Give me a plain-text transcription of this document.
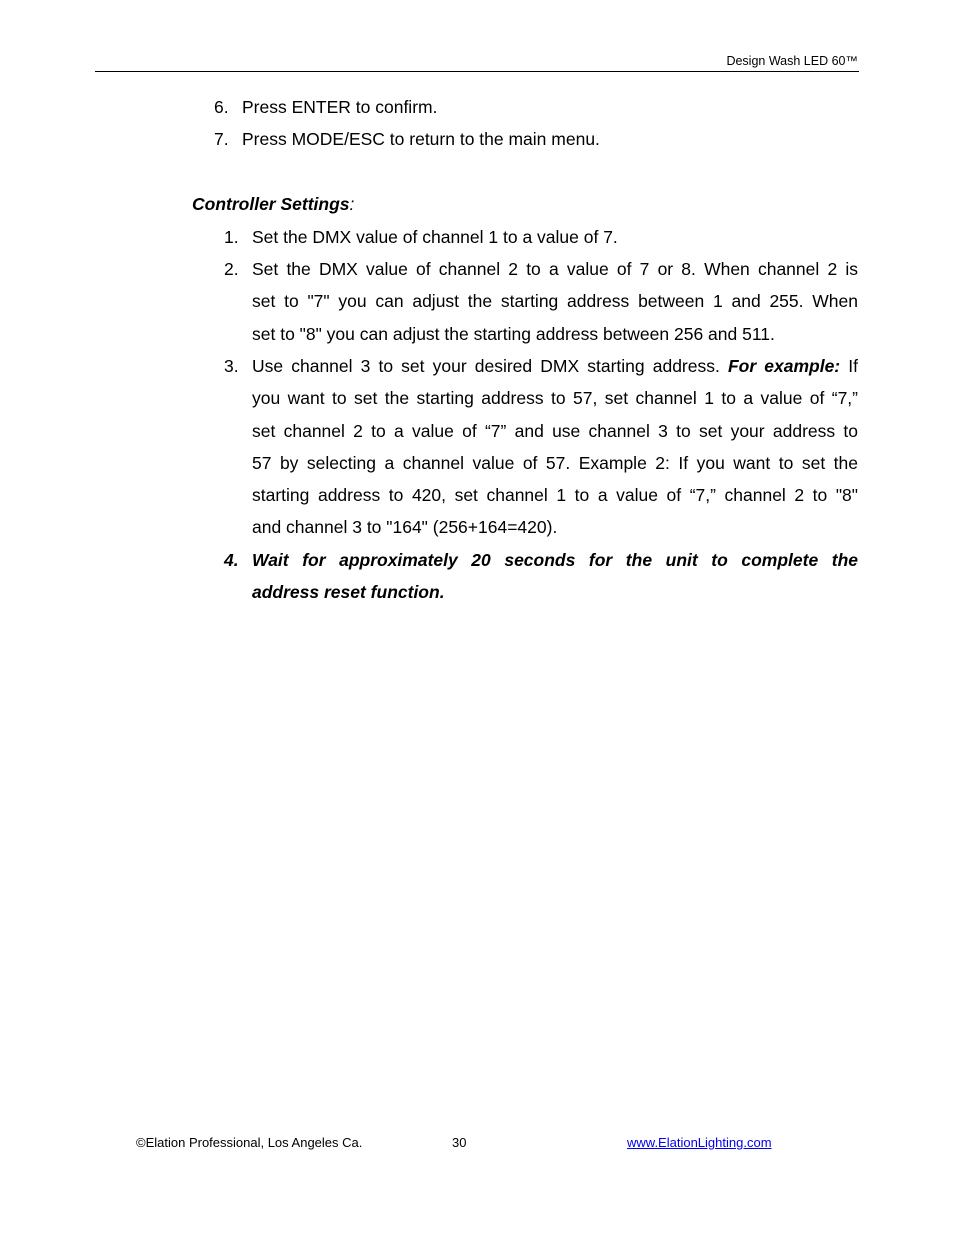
Design Wash LED 60™
6. Press ENTER to confirm.
7. Press MODE/ESC to return to the main menu.
Controller Settings:
1. Set the DMX value of channel 1 to a value of 7.
2. Set the DMX value of channel 2 to a value of 7 or 8. When channel 2 is
set to "7" you can adjust the starting address between 1 and 255. When
set to "8" you can adjust the starting address between 256 and 511.
3. Use channel 3 to set your desired DMX starting address. For example: If
you want to set the starting address to 57, set channel 1 to a value of “7,”
set channel 2 to a value of “7” and use channel 3 to set your address to
57 by selecting a channel value of 57. Example 2: If you want to set the
starting address to 420, set channel 1 to a value of “7,” channel 2 to "8"
and channel 3 to "164" (256+164=420).
4. Wait for approximately 20 seconds for the unit to complete the
address reset function.
©Elation Professional, Los Angeles Ca.	30	www.ElationLighting.com
